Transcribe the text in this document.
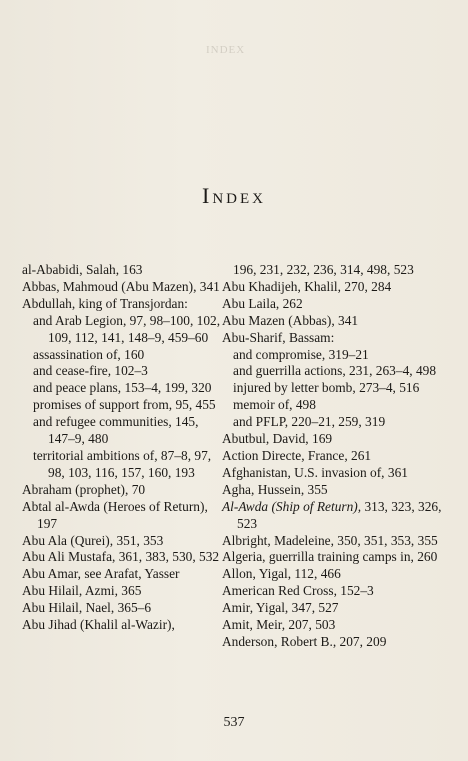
INDEX
Index
al-Ababidi, Salah, 163
Abbas, Mahmoud (Abu Mazen), 341
Abdullah, king of Transjordan:
and Arab Legion, 97, 98–100, 102, 109, 112, 141, 148–9, 459–60
assassination of, 160
and cease-fire, 102–3
and peace plans, 153–4, 199, 320
promises of support from, 95, 455
and refugee communities, 145, 147–9, 480
territorial ambitions of, 87–8, 97, 98, 103, 116, 157, 160, 193
Abraham (prophet), 70
Abtal al-Awda (Heroes of Return), 197
Abu Ala (Qurei), 351, 353
Abu Ali Mustafa, 361, 383, 530, 532
Abu Amar, see Arafat, Yasser
Abu Hilail, Azmi, 365
Abu Hilail, Nael, 365–6
Abu Jihad (Khalil al-Wazir),
196, 231, 232, 236, 314, 498, 523
Abu Khadijeh, Khalil, 270, 284
Abu Laila, 262
Abu Mazen (Abbas), 341
Abu-Sharif, Bassam:
and compromise, 319–21
and guerrilla actions, 231, 263–4, 498
injured by letter bomb, 273–4, 516
memoir of, 498
and PFLP, 220–21, 259, 319
Abutbul, David, 169
Action Directe, France, 261
Afghanistan, U.S. invasion of, 361
Agha, Hussein, 355
Al-Awda (Ship of Return), 313, 323, 326, 523
Albright, Madeleine, 350, 351, 353, 355
Algeria, guerrilla training camps in, 260
Allon, Yigal, 112, 466
American Red Cross, 152–3
Amir, Yigal, 347, 527
Amit, Meir, 207, 503
Anderson, Robert B., 207, 209
537
